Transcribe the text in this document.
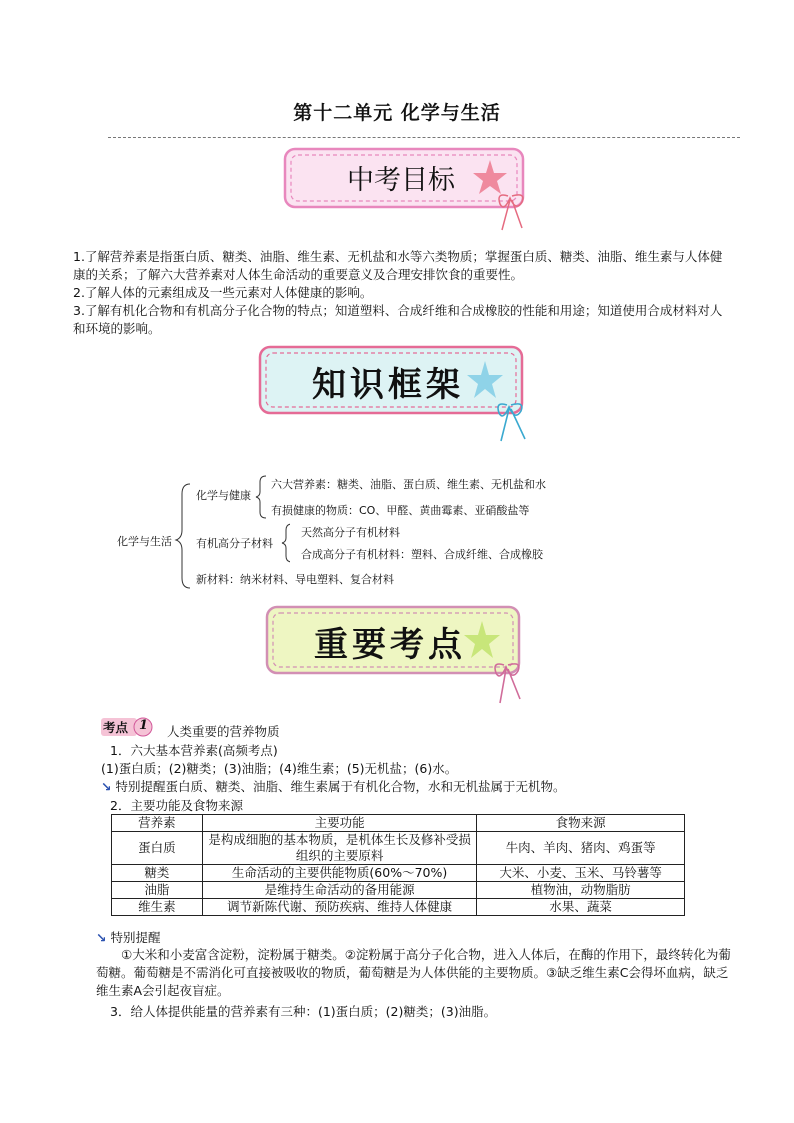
第十二单元 化学与生活
中考目标

1.了解营养素是指蛋白质、糖类、油脂、维生素、无机盐和水等六类物质；掌握蛋白质、糖类、油脂、维生素与人体健康的关系；了解六大营养素对人体生命活动的重要意义及合理安排饮食的重要性。

2.了解人体的元素组成及一些元素对人体健康的影响。

3.了解有机化合物和有机高分子化合物的特点；知道塑料、合成纤维和合成橡胶的性能和用途；知道使用合成材料对人和环境的影响。

知识框架
化学与生活
化学与健康
六大营养素：糖类、油脂、蛋白质、维生素、无机盐和水
有损健康的物质：CO、甲醛、黄曲霉素、亚硝酸盐等
有机高分子材料
天然高分子有机材料
合成高分子有机材料：塑料、合成纤维、合成橡胶
新材料：纳米材料、导电塑料、复合材料
重要考点
考点 1 人类重要的营养物质
1．六大基本营养素(高频考点)
(1)蛋白质；(2)糖类；(3)油脂；(4)维生素；(5)无机盐；(6)水。
↘ 特别提醒蛋白质、糖类、油脂、维生素属于有机化合物，水和无机盐属于无机物。
2．主要功能及食物来源
营养素	主要功能	食物来源
蛋白质	是构成细胞的基本物质，是机体生长及修补受损组织的主要原料	牛肉、羊肉、猪肉、鸡蛋等
糖类	生命活动的主要供能物质(60%～70%)	大米、小麦、玉米、马铃薯等
油脂	是维持生命活动的备用能源	植物油，动物脂肪
维生素	调节新陈代谢、预防疾病、维持人体健康	水果、蔬菜
↘ 特别提醒
①大米和小麦富含淀粉，淀粉属于糖类。②淀粉属于高分子化合物，进入人体后，在酶的作用下，最终转化为葡萄糖。葡萄糖是不需消化可直接被吸收的物质，葡萄糖是为人体供能的主要物质。③缺乏维生素C会得坏血病，缺乏维生素A会引起夜盲症。
3．给人体提供能量的营养素有三种：(1)蛋白质；(2)糖类；(3)油脂。
